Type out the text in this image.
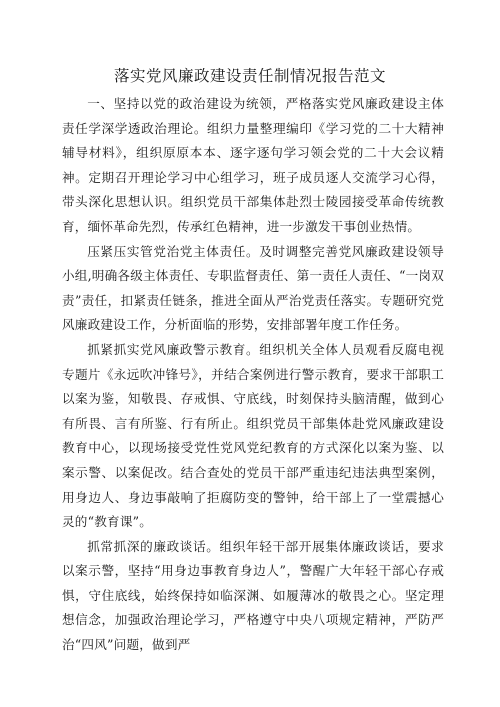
落实党风廉政建设责任制情况报告范文

一、坚持以党的政治建设为统领，严格落实党风廉政建设主体责任学深学透政治理论。组织力量整理编印《学习党的二十大精神辅导材料》，组织原原本本、逐字逐句学习领会党的二十大会议精神。定期召开理论学习中心组学习，班子成员逐人交流学习心得，带头深化思想认识。组织党员干部集体赴烈士陵园接受革命传统教育，缅怀革命先烈，传承红色精神，进一步激发干事创业热情。

压紧压实管党治党主体责任。及时调整完善党风廉政建设领导小组,明确各级主体责任、专职监督责任、第一责任人责任、“一岗双责”责任，扣紧责任链条，推进全面从严治党责任落实。专题研究党风廉政建设工作，分析面临的形势，安排部署年度工作任务。

抓紧抓实党风廉政警示教育。组织机关全体人员观看反腐电视专题片《永远吹冲锋号》，并结合案例进行警示教育，要求干部职工以案为鉴，知敬畏、存戒惧、守底线，时刻保持头脑清醒，做到心有所畏、言有所鉴、行有所止。组织党员干部集体赴党风廉政建设教育中心，以现场接受党性党风党纪教育的方式深化以案为鉴、以案示警、以案促改。结合查处的党员干部严重违纪违法典型案例，用身边人、身边事敲响了拒腐防变的警钟，给干部上了一堂震撼心灵的“教育课”。

抓常抓深的廉政谈话。组织年轻干部开展集体廉政谈话，要求以案示警，坚持“用身边事教育身边人”，警醒广大年轻干部心存戒惧，守住底线，始终保持如临深渊、如履薄冰的敬畏之心。坚定理想信念，加强政治理论学习，严格遵守中央八项规定精神，严防严治“四风”问题，做到严
